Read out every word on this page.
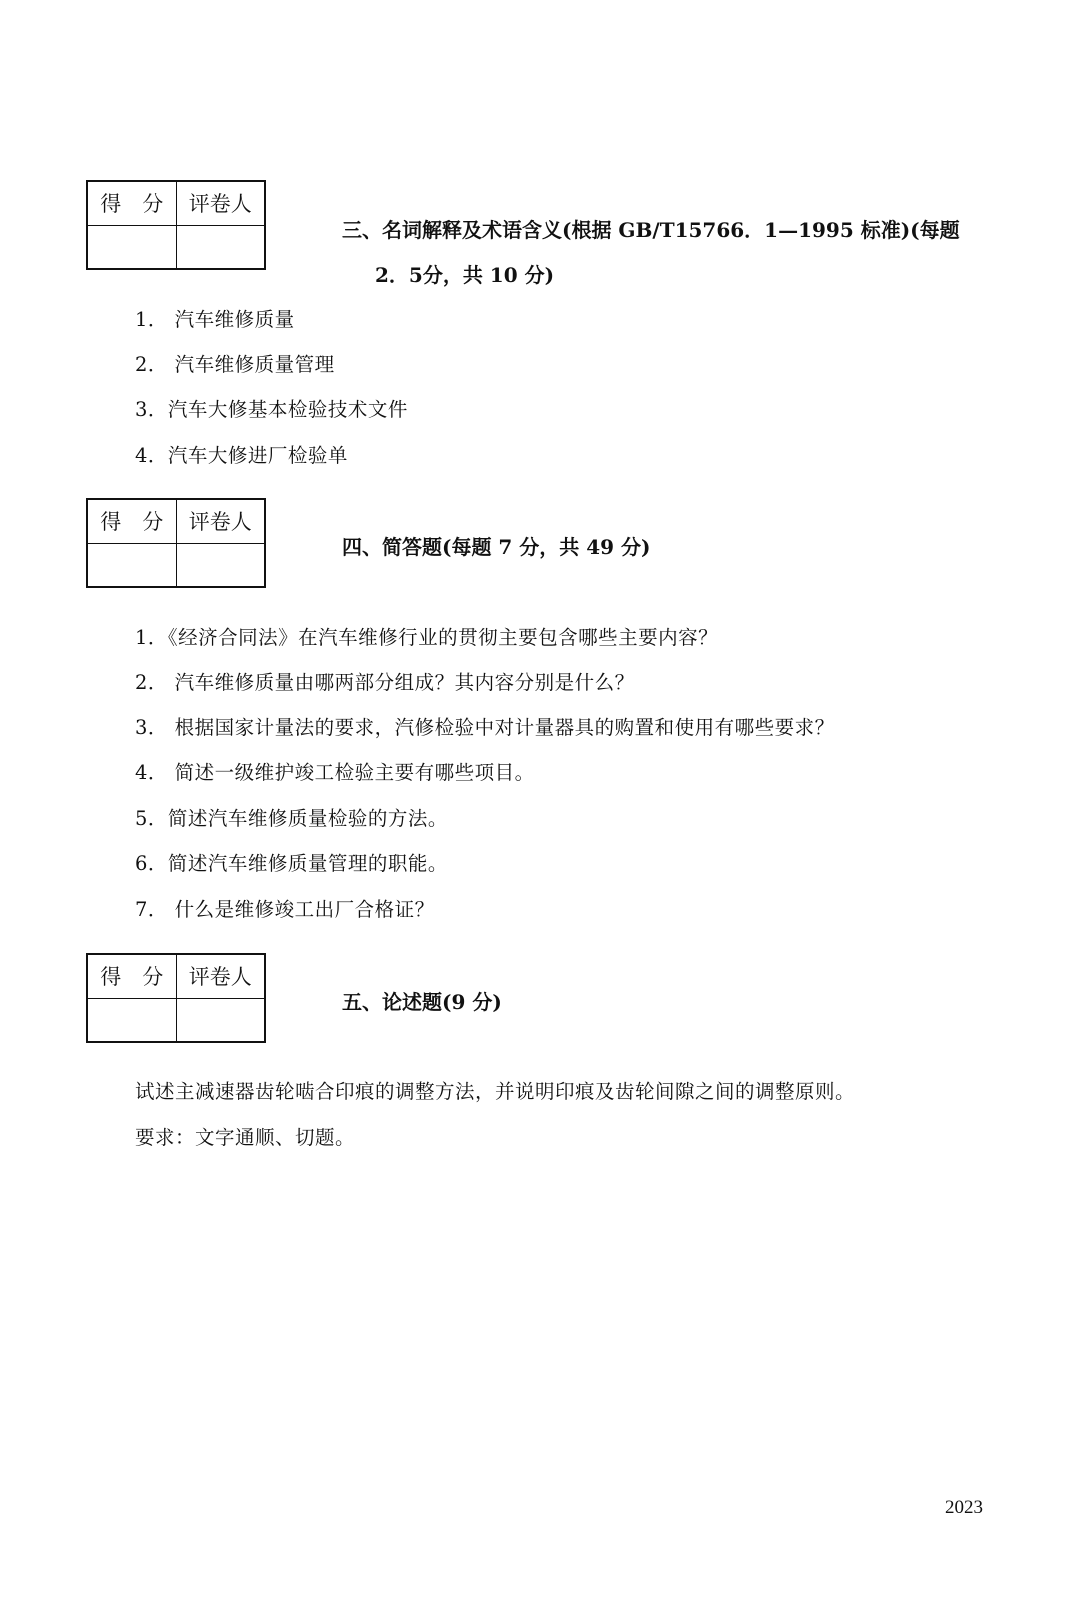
得　分	评卷人

三、名词解释及术语含义(根据 GB/T15766．1—1995 标准)(每题
2．5分，共 10 分)
1． 汽车维修质量
2． 汽车维修质量管理
3．汽车大修基本检验技术文件
4．汽车大修进厂检验单
得　分	评卷人

四、简答题(每题 7 分，共 49 分)
1．《经济合同法》在汽车维修行业的贯彻主要包含哪些主要内容？
2． 汽车维修质量由哪两部分组成？其内容分别是什么？
3． 根据国家计量法的要求，汽修检验中对计量器具的购置和使用有哪些要求？
4． 简述一级维护竣工检验主要有哪些项目。
5．简述汽车维修质量检验的方法。
6．简述汽车维修质量管理的职能。
7． 什么是维修竣工出厂合格证？
得　分	评卷人

五、论述题(9 分)
试述主减速器齿轮啮合印痕的调整方法，并说明印痕及齿轮间隙之间的调整原则。
要求：文字通顺、切题。
2023
